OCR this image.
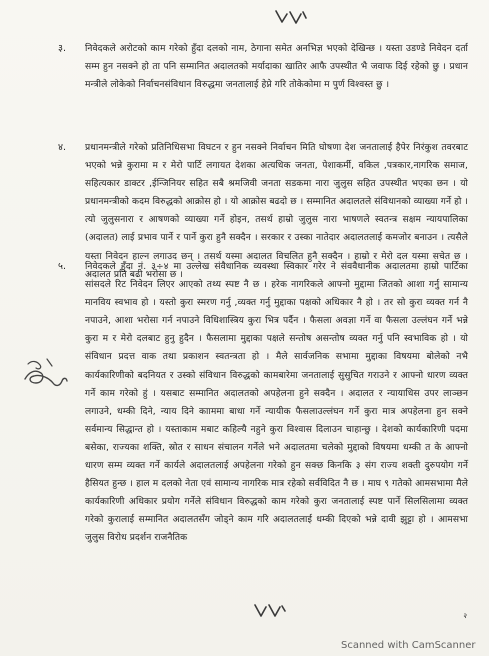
३. निवेदकले अरोटको काम गरेको हुँदा दलको नाम, ठेगाना समेत अनभिज्ञ भएको देखिन्छ । यस्ता उडण्डे निवेदन दर्ता सम्म हुन नसक्ने हो ता पनि सम्मानित अदालतको मर्यादाका खातिर आफै उपस्थीत भै जवाफ दिई रहेको छु । प्रधान मन्त्रीले लोकेको निर्वाचनसंविधान विरुद्धमा जनतालाई हेप्ने गरि तोकेकोमा म पुर्ण विश्वस्त छु ।
४. प्रधानमन्त्रीले गरेको प्रतिनिधिसभा विघटन र हुन नसक्ने निर्वाचन मिति घोषणा देश जनतालाई हैपेर निरंकुश तवरबाट भएको भन्ने कुरामा म र मेरो पार्टि लगायत देशका अत्यधिक जनता, पेशाकर्मी, वकिल ,पत्रकार,नागरिक समाज, सहित्यकार डाक्टर ,ईन्जिनियर सहित सबै श्रमजिवी जनता सडकमा नारा जुलुस सहित उपस्थीत भएका छन । यो प्रधानमन्त्रीको कदम विरुद्धको आक्रोस हो । यो आक्रोस बढदो छ । सम्मानित अदालतले संविधानको व्याख्या गर्ने हो । त्यो जुलुसनारा र आषणको व्याख्या गर्ने होइन, तसर्थ हाम्रो जुलुस नारा भाषणले स्वतन्त्र सक्षम न्यायपालिका (अदालत) लाई प्रभाव पार्ने र पार्ने कुरा हुनै सक्दैन । सरकार र उस्का नातेदार अदालतलाई कमजोर बनाउन । त्यसैले यस्ता निवेदन हाल्न लगाउद छन् । तसर्थ यस्मा अदालत विचलित हुनै सक्दैन । हाम्रो र मेरो दल यस्मा सचेत छ । अदालत प्रति बढी भरोसा छ ।
५. निवेदकले हुँदा नं. ३÷४ मा उल्लेख संवैधानिक व्यवस्था स्विकार गरेर ने संववैधानीक अदालतमा हाम्रो पार्टिका सांसदले रिट निवेदन लिएर आएको तथ्य स्पष्ट नै छ । हरेक नागरिकले आफ्नो मुद्दामा जितको आशा गर्नु सामान्य मानविय स्वभाव हो । यस्तो कुरा स्मरण गर्नु ,व्यक्त गर्नु मुद्दाका पक्षको अधिकार नै हो । तर सो कुरा व्यक्त गर्न नै नपाउने, आशा भरोसा गर्न नपाउने विधिशास्त्रिय कुरा भित्र पर्दैन । फैसला अवज्ञा गर्ने वा फैसला उल्लंघन गर्ने भन्ने कुरा म र मेरो दलबाट हुनु हुदैन । फैसलामा मुद्दाका पक्षले सन्तोष असन्तोष व्यक्त गर्नु पनि स्वभाविक हो । यो संविधान प्रदत्त वाक तथा प्रकाशन स्वतन्त्रता हो । मैले सार्वजनिक सभामा मुद्दाका विषयमा बोलेको नभै कार्यकारिणीको बदनियत र उस्को संविधान विरुद्धको कामबारेमा जनतालाई सुसुचित गराउने र आफ्नो धारण व्यक्त गर्ने काम गरेको हुं । यसबाट सम्मानित अदालतको अपहेलना हुने सक्दैन । अदालत र न्यायाधिस उपर लाञ्छन लगाउने, धम्की दिने, न्याय दिने कााममा बाधा गर्ने न्यायीक फैसलाउल्लंघन गर्ने कुरा मात्र अपहेलना हुन सक्ने सर्वमान्य सिद्धान्त हो । यस्ताकाम मबाट कहिल्यै नहुने कुरा विश्वास दिलाउन चाहान्छु । देशको कार्यकारिणी पदमा बसेका, राज्यका शक्ति, स्रोत र साधन संचालन गर्नेले भने अदालतमा चलेको मुद्दाको विषयमा धम्की त के आफ्नो धारण सम्म व्यक्त गर्ने कार्यले अदालतलाई अपहेलना गरेको हुन सक्छ किनकि ३ संग राज्य शक्ती दुरुपयोग गर्ने हैसियत हुन्छ । हाल म दलको नेता एवं सामान्य नागरिक मात्र रहेको सर्वविदित नै छ । माघ ९ गतेको आमसभामा मैले कार्यकारिणी अधिकार प्रयोग गर्नेले संविधान विरुद्धको काम गरेको कुरा जनतालाई स्पष्ट पार्ने सिलसिलामा व्यक्त गरेको कुरालाई सम्मानित अदालतसँग जोड्ने काम गरि अदालतलाई धम्की दिएको भन्ने दावी झुट्टा हो । आमसभा जुलुस विरोध प्रदर्शन राजनैतिक
२
Scanned with CamScanner
